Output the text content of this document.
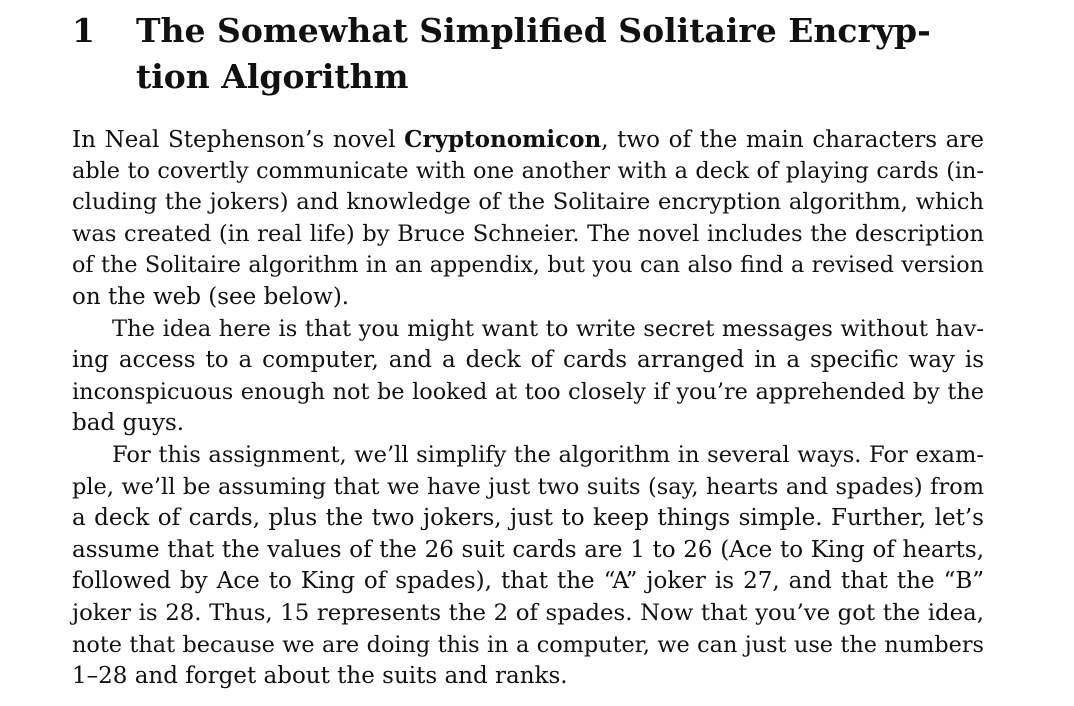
1 The Somewhat Simplified Solitaire Encryp-
tion Algorithm
In Neal Stephenson’s novel Cryptonomicon, two of the main characters are
able to covertly communicate with one another with a deck of playing cards (in-
cluding the jokers) and knowledge of the Solitaire encryption algorithm, which
was created (in real life) by Bruce Schneier. The novel includes the description
of the Solitaire algorithm in an appendix, but you can also find a revised version
on the web (see below).
The idea here is that you might want to write secret messages without hav-
ing access to a computer, and a deck of cards arranged in a specific way is
inconspicuous enough not be looked at too closely if you’re apprehended by the
bad guys.
For this assignment, we’ll simplify the algorithm in several ways. For exam-
ple, we’ll be assuming that we have just two suits (say, hearts and spades) from
a deck of cards, plus the two jokers, just to keep things simple. Further, let’s
assume that the values of the 26 suit cards are 1 to 26 (Ace to King of hearts,
followed by Ace to King of spades), that the “A” joker is 27, and that the “B”
joker is 28. Thus, 15 represents the 2 of spades. Now that you’ve got the idea,
note that because we are doing this in a computer, we can just use the numbers
1–28 and forget about the suits and ranks.
